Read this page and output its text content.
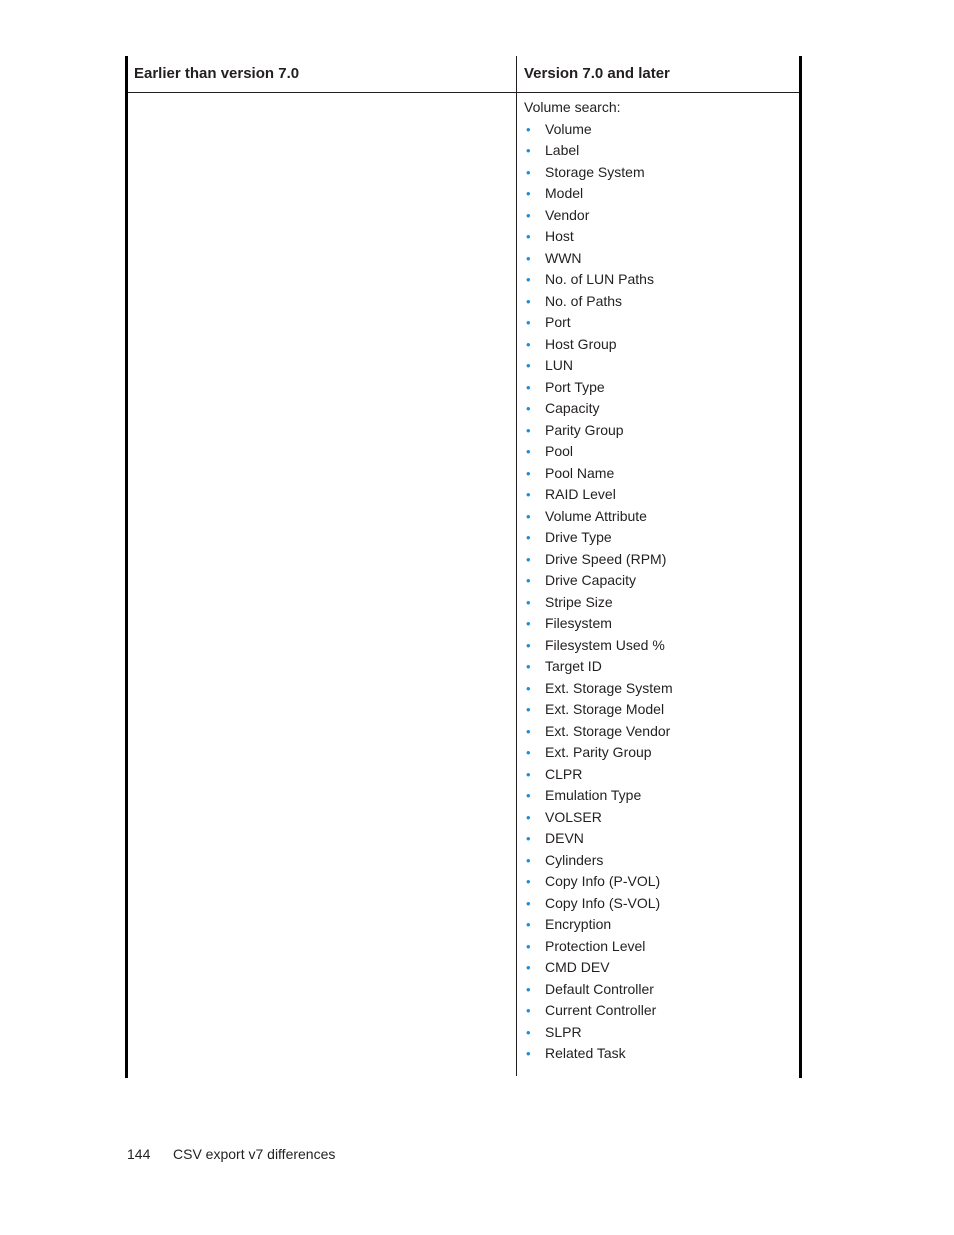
Earlier than version 7.0	Version 7.0 and later
Volume search:
• Volume
• Label
• Storage System
• Model
• Vendor
• Host
• WWN
• No. of LUN Paths
• No. of Paths
• Port
• Host Group
• LUN
• Port Type
• Capacity
• Parity Group
• Pool
• Pool Name
• RAID Level
• Volume Attribute
• Drive Type
• Drive Speed (RPM)
• Drive Capacity
• Stripe Size
• Filesystem
• Filesystem Used %
• Target ID
• Ext. Storage System
• Ext. Storage Model
• Ext. Storage Vendor
• Ext. Parity Group
• CLPR
• Emulation Type
• VOLSER
• DEVN
• Cylinders
• Copy Info (P-VOL)
• Copy Info (S-VOL)
• Encryption
• Protection Level
• CMD DEV
• Default Controller
• Current Controller
• SLPR
• Related Task
144 CSV export v7 differences
